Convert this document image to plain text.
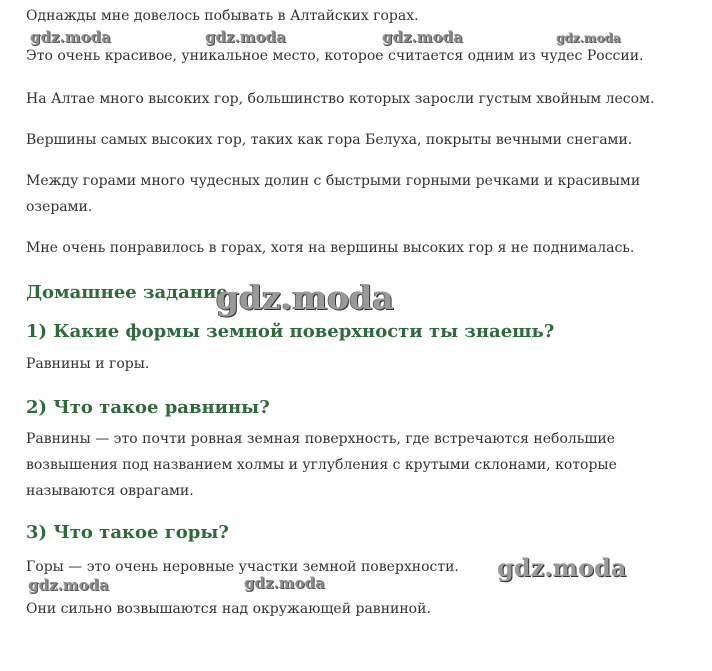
Однажды мне довелось побывать в Алтайских горах.

Это очень красивое, уникальное место, которое считается одним из чудес России.

На Алтае много высоких гор, большинство которых заросли густым хвойным лесом.

Вершины самых высоких гор, таких как гора Белуха, покрыты вечными снегами.

Между горами много чудесных долин с быстрыми горными речками и красивыми

озерами.

Мне очень понравилось в горах, хотя на вершины высоких гор я не поднималась.

Домашнее задание
1) Какие формы земной поверхности ты знаешь?

Равнины и горы.

2) Что такое равнины?

Равнины — это почти ровная земная поверхность, где встречаются небольшие

возвышения под названием холмы и углубления с крутыми склонами, которые

называются оврагами.

3) Что такое горы?

Горы — это очень неровные участки земной поверхности.

Они сильно возвышаются над окружающей равниной.

gdz.moda	gdz.moda	gdz.moda	gdz.moda
gdz.moda
gdz.moda
gdz.moda	gdz.moda
